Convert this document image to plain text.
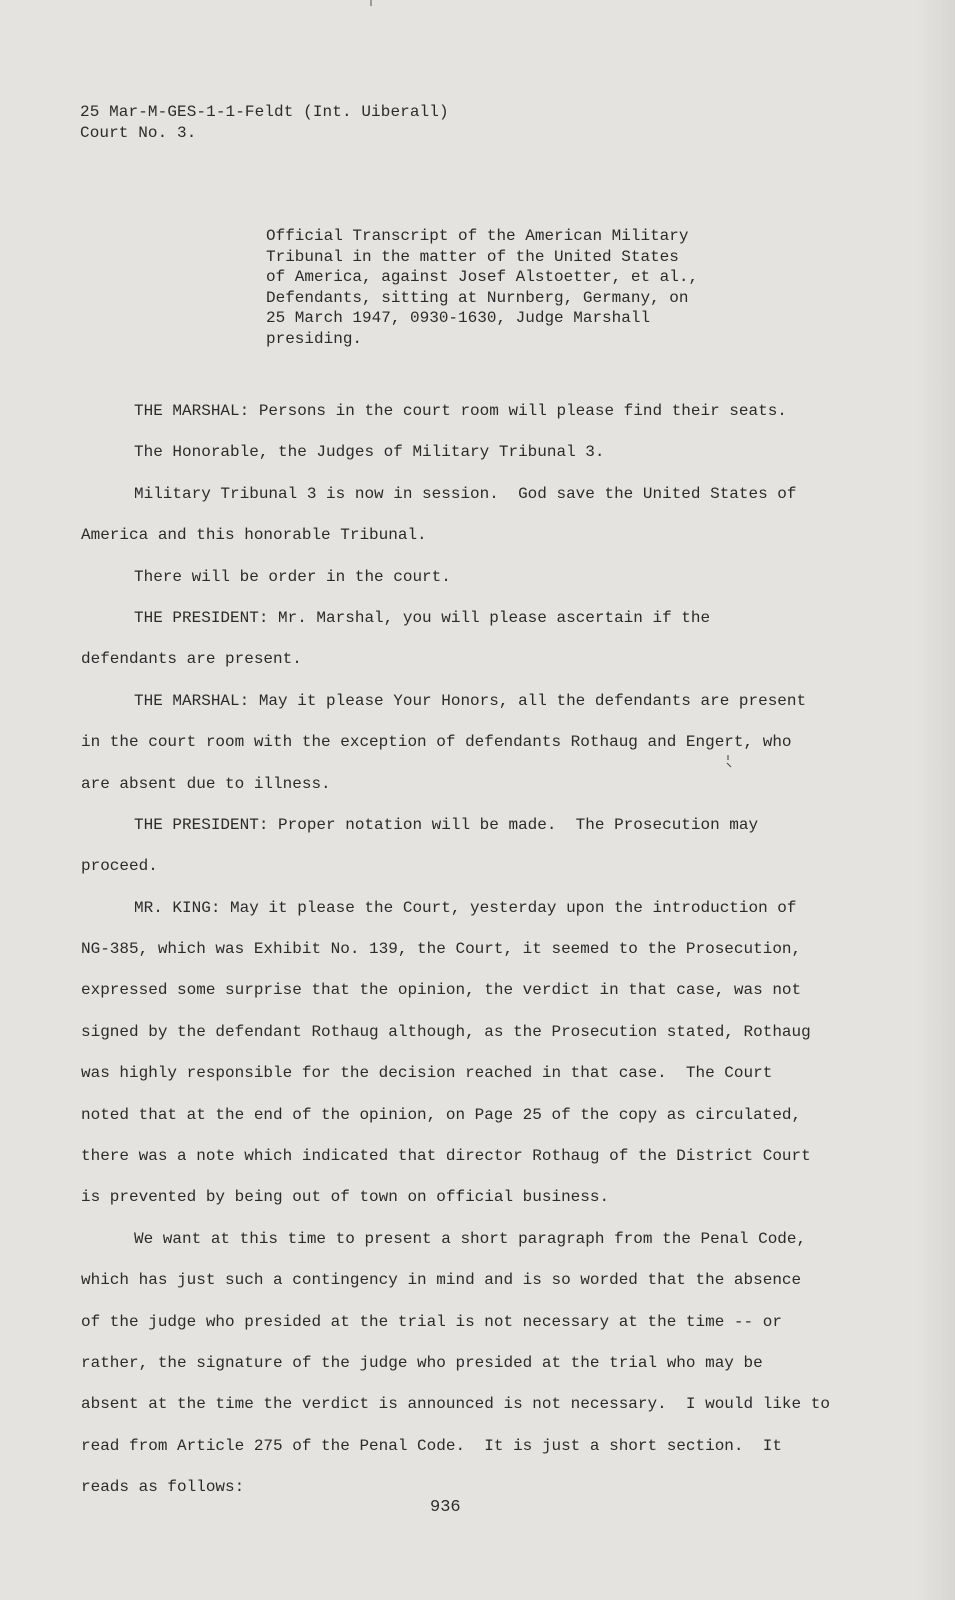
25 Mar-M-GES-1-1-Feldt (Int. Uiberall)
Court No. 3.
Official Transcript of the American Military
Tribunal in the matter of the United States
of America, against Josef Alstoetter, et al.,
Defendants, sitting at Nurnberg, Germany, on
25 March 1947, 0930-1630, Judge Marshall
presiding.
THE MARSHAL: Persons in the court room will please find their seats.
The Honorable, the Judges of Military Tribunal 3.
Military Tribunal 3 is now in session.  God save the United States of
America and this honorable Tribunal.
There will be order in the court.
THE PRESIDENT: Mr. Marshal, you will please ascertain if the
defendants are present.
THE MARSHAL: May it please Your Honors, all the defendants are present
in the court room with the exception of defendants Rothaug and Engert, who
are absent due to illness.
THE PRESIDENT: Proper notation will be made.  The Prosecution may
proceed.
MR. KING: May it please the Court, yesterday upon the introduction of
NG-385, which was Exhibit No. 139, the Court, it seemed to the Prosecution,
expressed some surprise that the opinion, the verdict in that case, was not
signed by the defendant Rothaug although, as the Prosecution stated, Rothaug
was highly responsible for the decision reached in that case.  The Court
noted that at the end of the opinion, on Page 25 of the copy as circulated,
there was a note which indicated that director Rothaug of the District Court
is prevented by being out of town on official business.
We want at this time to present a short paragraph from the Penal Code,
which has just such a contingency in mind and is so worded that the absence
of the judge who presided at the trial is not necessary at the time -- or
rather, the signature of the judge who presided at the trial who may be
absent at the time the verdict is announced is not necessary.  I would like to
read from Article 275 of the Penal Code.  It is just a short section.  It
reads as follows:
936
